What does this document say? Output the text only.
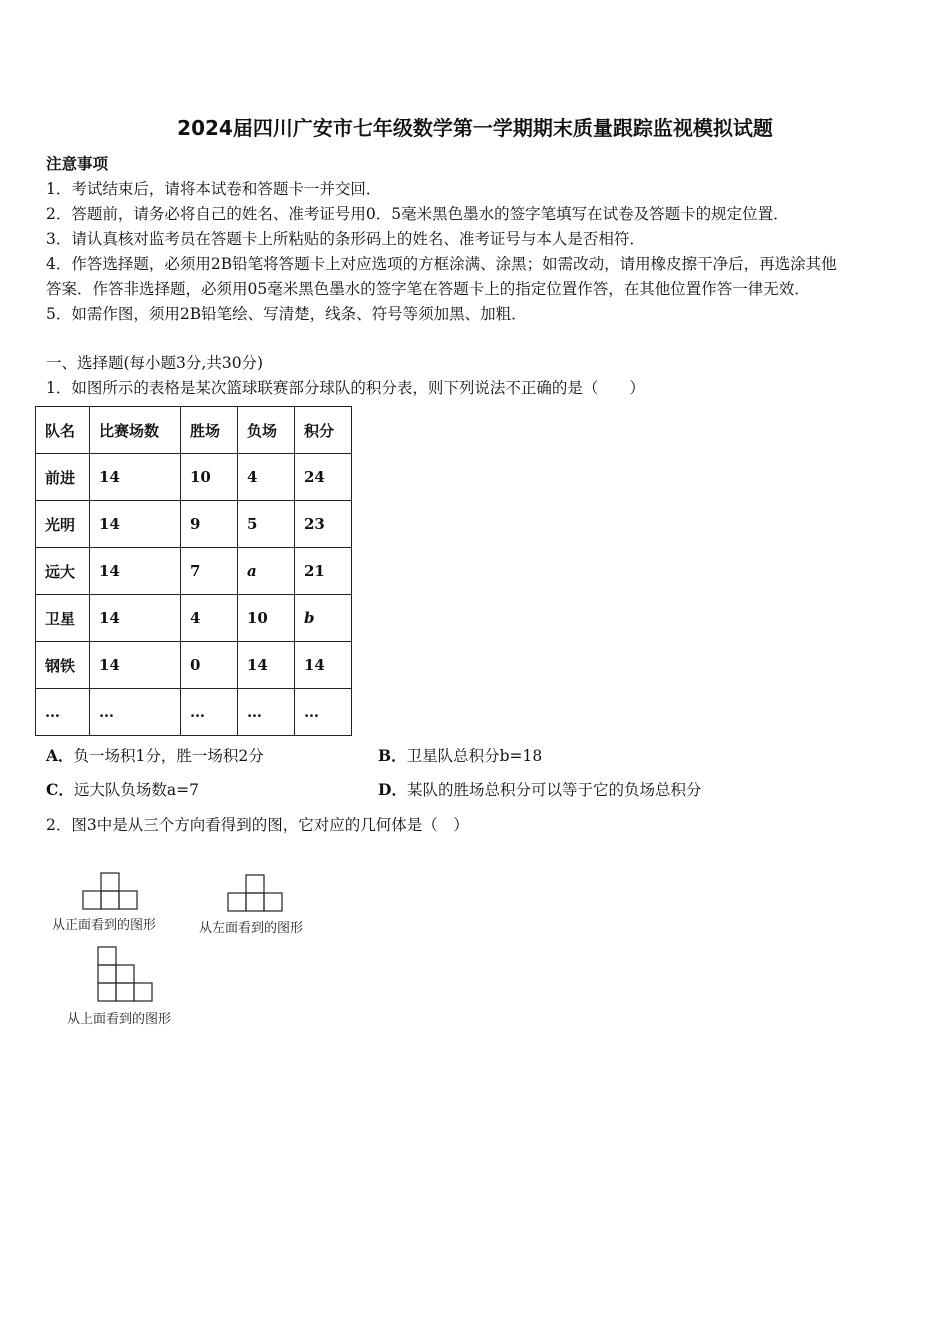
2024届四川广安市七年级数学第一学期期末质量跟踪监视模拟试题
注意事项
1．考试结束后，请将本试卷和答题卡一并交回．
2．答题前，请务必将自己的姓名、准考证号用0．5毫米黑色墨水的签字笔填写在试卷及答题卡的规定位置．
3．请认真核对监考员在答题卡上所粘贴的条形码上的姓名、准考证号与本人是否相符．
4．作答选择题，必须用2B铅笔将答题卡上对应选项的方框涂满、涂黑；如需改动，请用橡皮擦干净后，再选涂其他
答案．作答非选择题，必须用05毫米黑色墨水的签字笔在答题卡上的指定位置作答，在其他位置作答一律无效．
5．如需作图，须用2B铅笔绘、写清楚，线条、符号等须加黑、加粗．
一、选择题(每小题3分,共30分)
1．如图所示的表格是某次篮球联赛部分球队的积分表，则下列说法不正确的是（　　）
队名	比赛场数	胜场	负场	积分
前进	14	10	4	24
光明	14	9	5	23
远大	14	7	a	21
卫星	14	4	10	b
钢铁	14	0	14	14
…	…	…	…	…
A．负一场积1分，胜一场积2分	B．卫星队总积分b=18
C．远大队负场数a=7	D．某队的胜场总积分可以等于它的负场总积分
2．图3中是从三个方向看得到的图，它对应的几何体是（　）
从正面看到的图形	从左面看到的图形
从上面看到的图形
